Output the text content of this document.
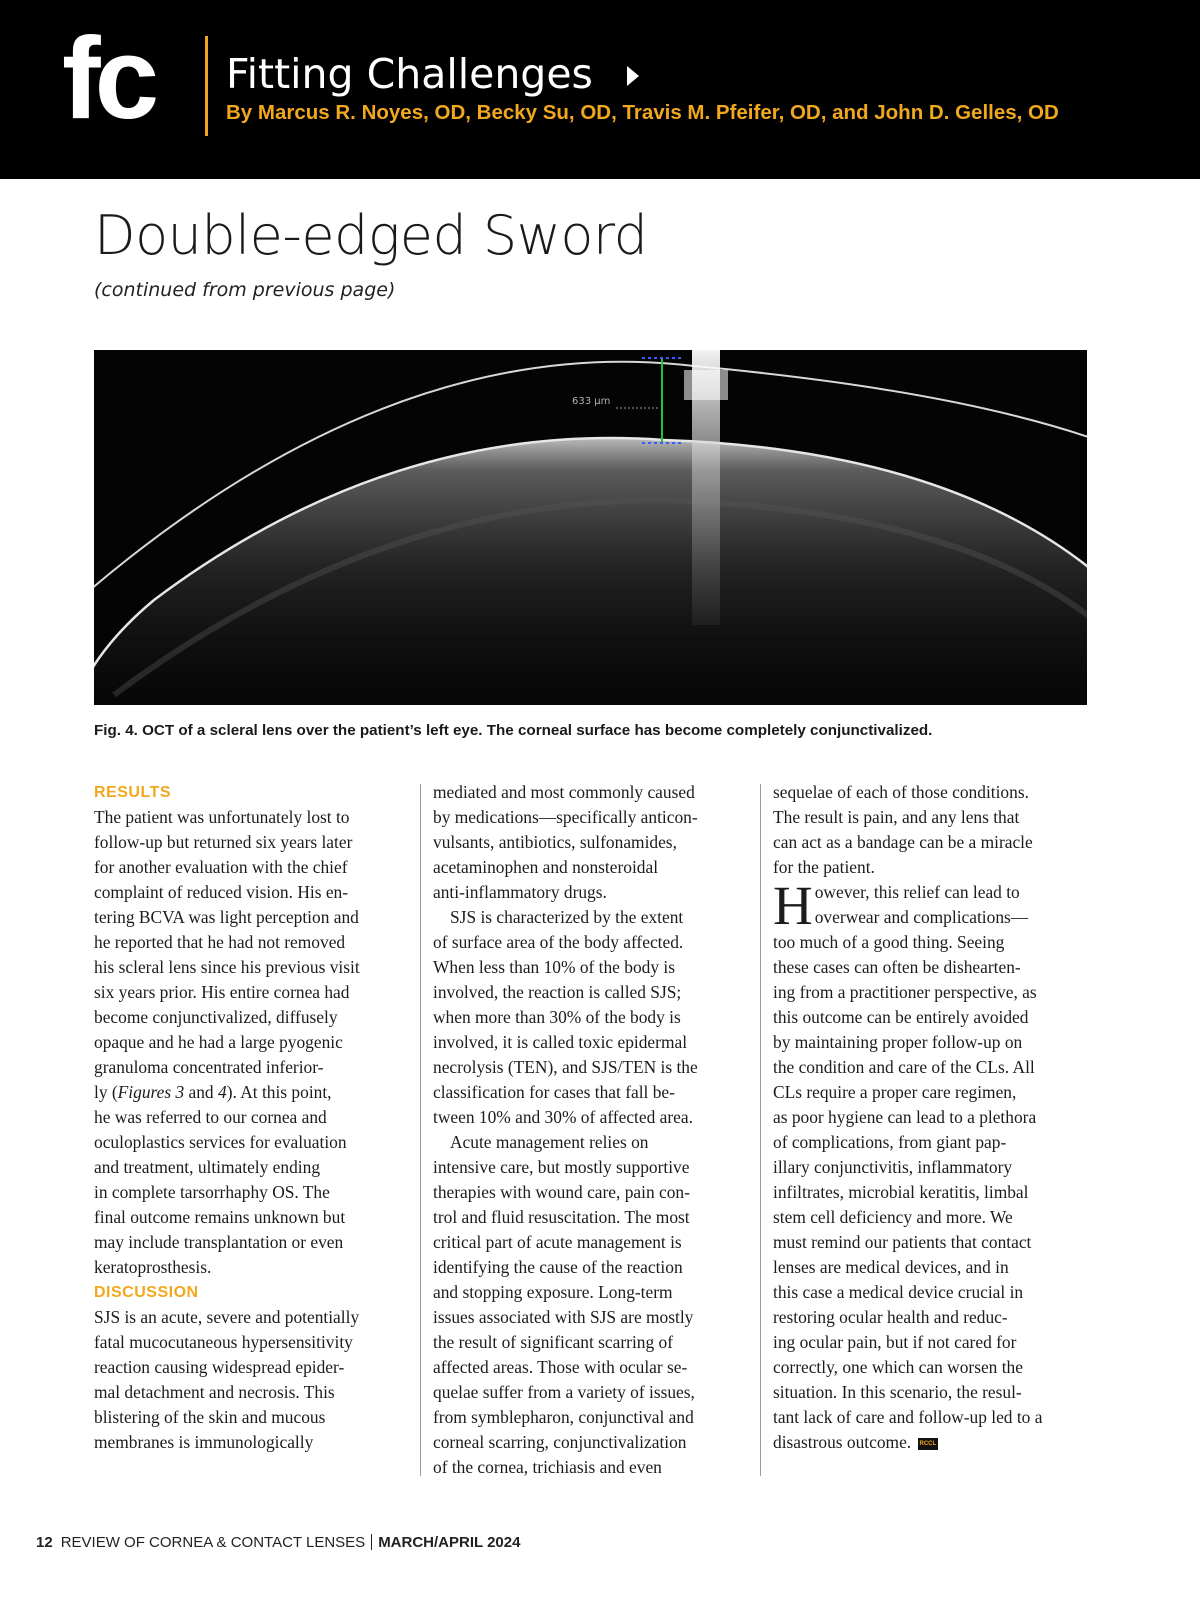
fc Fitting Challenges
By Marcus R. Noyes, OD, Becky Su, OD, Travis M. Pfeifer, OD, and John D. Gelles, OD
Double-edged Sword
(continued from previous page)
633 µm
Fig. 4. OCT of a scleral lens over the patient’s left eye. The corneal surface has become completely conjunctivalized.
RESULTS
The patient was unfortunately lost to
follow-up but returned six years later
for another evaluation with the chief
complaint of reduced vision. His en-
tering BCVA was light perception and
he reported that he had not removed
his scleral lens since his previous visit
six years prior. His entire cornea had
become conjunctivalized, diffusely
opaque and he had a large pyogenic
granuloma concentrated inferior-
ly (Figures 3 and 4). At this point,
he was referred to our cornea and
oculoplastics services for evaluation
and treatment, ultimately ending
in complete tarsorrhaphy OS. The
final outcome remains unknown but
may include transplantation or even
keratoprosthesis.
DISCUSSION
SJS is an acute, severe and potentially
fatal mucocutaneous hypersensitivity
reaction causing widespread epider-
mal detachment and necrosis. This
blistering of the skin and mucous
membranes is immunologically
mediated and most commonly caused
by medications—specifically anticon-
vulsants, antibiotics, sulfonamides,
acetaminophen and nonsteroidal
anti-inflammatory drugs.
SJS is characterized by the extent
of surface area of the body affected.
When less than 10% of the body is
involved, the reaction is called SJS;
when more than 30% of the body is
involved, it is called toxic epidermal
necrolysis (TEN), and SJS/TEN is the
classification for cases that fall be-
tween 10% and 30% of affected area.
Acute management relies on
intensive care, but mostly supportive
therapies with wound care, pain con-
trol and fluid resuscitation. The most
critical part of acute management is
identifying the cause of the reaction
and stopping exposure. Long-term
issues associated with SJS are mostly
the result of significant scarring of
affected areas. Those with ocular se-
quelae suffer from a variety of issues,
from symblepharon, conjunctival and
corneal scarring, conjunctivalization
of the cornea, trichiasis and even
sequelae of each of those conditions.
The result is pain, and any lens that
can act as a bandage can be a miracle
for the patient.
H owever, this relief can lead to
overwear and complications—
too much of a good thing. Seeing
these cases can often be dishearten-
ing from a practitioner perspective, as
this outcome can be entirely avoided
by maintaining proper follow-up on
the condition and care of the CLs. All
CLs require a proper care regimen,
as poor hygiene can lead to a plethora
of complications, from giant pap-
illary conjunctivitis, inflammatory
infiltrates, microbial keratitis, limbal
stem cell deficiency and more. We
must remind our patients that contact
lenses are medical devices, and in
this case a medical device crucial in
restoring ocular health and reduc-
ing ocular pain, but if not cared for
correctly, one which can worsen the
situation. In this scenario, the resul-
tant lack of care and follow-up led to a
disastrous outcome. RCCL
12 REVIEW OF CORNEA & CONTACT LENSES MARCH/APRIL 2024
